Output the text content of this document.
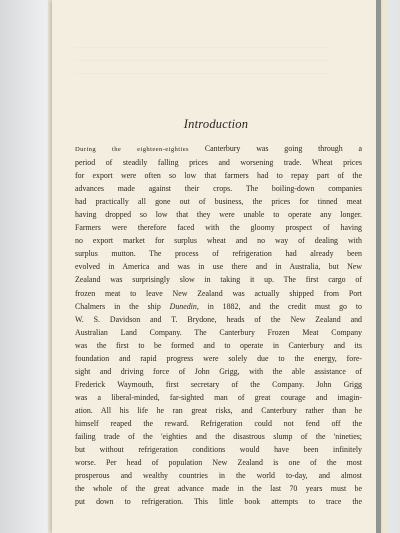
————————————————————————————————
————————————————————————————————
————————————————————————————————
Introduction
During the eighteen-eighties Canterbury was going through a
period of steadily falling prices and worsening trade. Wheat prices
for export were often so low that farmers had to repay part of the
advances made against their crops. The boiling-down companies
had practically all gone out of business, the prices for tinned meat
having dropped so low that they were unable to operate any longer.
Farmers were therefore faced with the gloomy prospect of having
no export market for surplus wheat and no way of dealing with
surplus mutton. The process of refrigeration had already been
evolved in America and was in use there and in Australia, but New
Zealand was surprisingly slow in taking it up. The first cargo of
frozen meat to leave New Zealand was actually shipped from Port
Chalmers in the ship Dunedin, in 1882, and the credit must go to
W. S. Davidson and T. Brydone, heads of the New Zealand and
Australian Land Company. The Canterbury Frozen Meat Company
was the first to be formed and to operate in Canterbury and its
foundation and rapid progress were solely due to the energy, fore-
sight and driving force of John Grigg, with the able assistance of
Frederick Waymouth, first secretary of the Company. John Grigg
was a liberal-minded, far-sighted man of great courage and imagin-
ation. All his life he ran great risks, and Canterbury rather than he
himself reaped the reward. Refrigeration could not fend off the
failing trade of the 'eighties and the disastrous slump of the 'nineties;
but without refrigeration conditions would have been infinitely
worse. Per head of population New Zealand is one of the most
prosperous and wealthy countries in the world to-day, and almost
the whole of the great advance made in the last 70 years must be
put down to refrigeration. This little book attempts to trace the
